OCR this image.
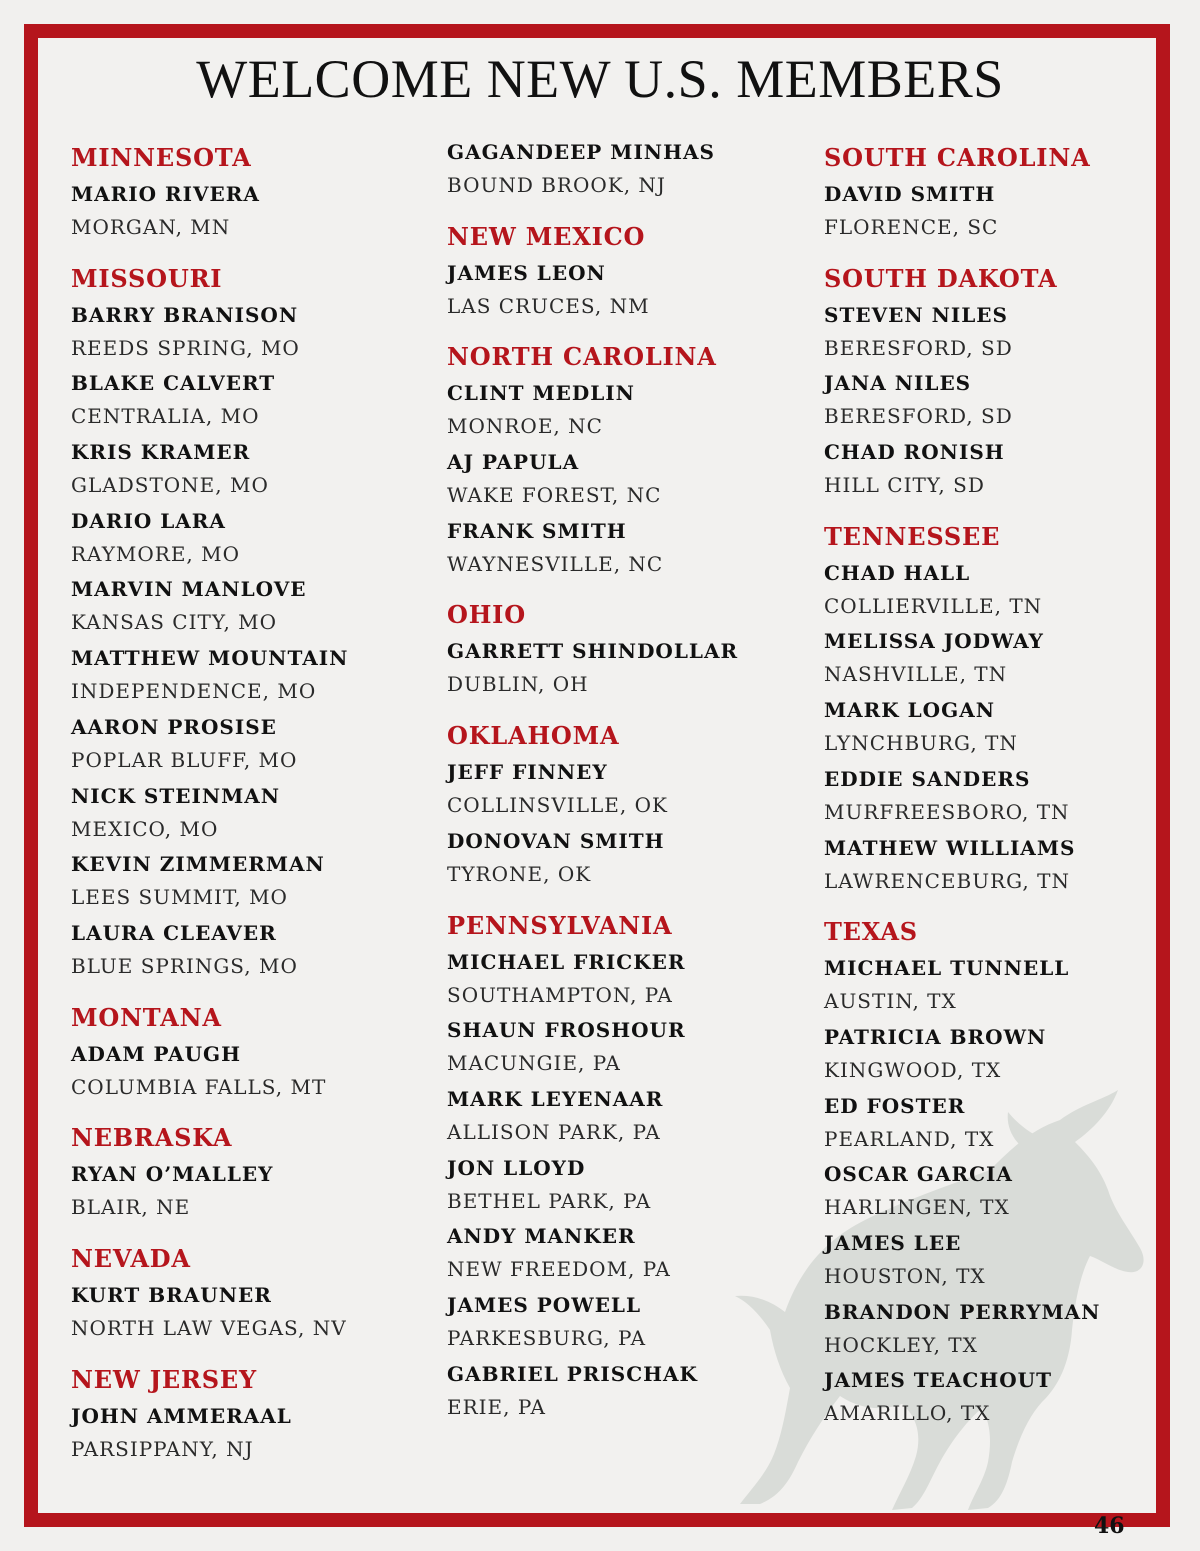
WELCOME NEW U.S. MEMBERS
MINNESOTA
MARIO RIVERA
MORGAN, MN
MISSOURI
BARRY BRANISON
REEDS SPRING, MO
BLAKE CALVERT
CENTRALIA, MO
KRIS KRAMER
GLADSTONE, MO
DARIO LARA
RAYMORE, MO
MARVIN MANLOVE
KANSAS CITY, MO
MATTHEW MOUNTAIN
INDEPENDENCE, MO
AARON PROSISE
POPLAR BLUFF, MO
NICK STEINMAN
MEXICO, MO
KEVIN ZIMMERMAN
LEES SUMMIT, MO
LAURA CLEAVER
BLUE SPRINGS, MO
MONTANA
ADAM PAUGH
COLUMBIA FALLS, MT
NEBRASKA
RYAN O’MALLEY
BLAIR, NE
NEVADA
KURT BRAUNER
NORTH LAW VEGAS, NV
NEW JERSEY
JOHN AMMERAAL
PARSIPPANY, NJ
GAGANDEEP MINHAS
BOUND BROOK, NJ
NEW MEXICO
JAMES LEON
LAS CRUCES, NM
NORTH CAROLINA
CLINT MEDLIN
MONROE, NC
AJ PAPULA
WAKE FOREST, NC
FRANK SMITH
WAYNESVILLE, NC
OHIO
GARRETT SHINDOLLAR
DUBLIN, OH
OKLAHOMA
JEFF FINNEY
COLLINSVILLE, OK
DONOVAN SMITH
TYRONE, OK
PENNSYLVANIA
MICHAEL FRICKER
SOUTHAMPTON, PA
SHAUN FROSHOUR
MACUNGIE, PA
MARK LEYENAAR
ALLISON PARK, PA
JON LLOYD
BETHEL PARK, PA
ANDY MANKER
NEW FREEDOM, PA
JAMES POWELL
PARKESBURG, PA
GABRIEL PRISCHAK
ERIE, PA
SOUTH CAROLINA
DAVID SMITH
FLORENCE, SC
SOUTH DAKOTA
STEVEN NILES
BERESFORD, SD
JANA NILES
BERESFORD, SD
CHAD RONISH
HILL CITY, SD
TENNESSEE
CHAD HALL
COLLIERVILLE, TN
MELISSA JODWAY
NASHVILLE, TN
MARK LOGAN
LYNCHBURG, TN
EDDIE SANDERS
MURFREESBORO, TN
MATHEW WILLIAMS
LAWRENCEBURG, TN
TEXAS
MICHAEL TUNNELL
AUSTIN, TX
PATRICIA BROWN
KINGWOOD, TX
ED FOSTER
PEARLAND, TX
OSCAR GARCIA
HARLINGEN, TX
JAMES LEE
HOUSTON, TX
BRANDON PERRYMAN
HOCKLEY, TX
JAMES TEACHOUT
AMARILLO, TX
46
